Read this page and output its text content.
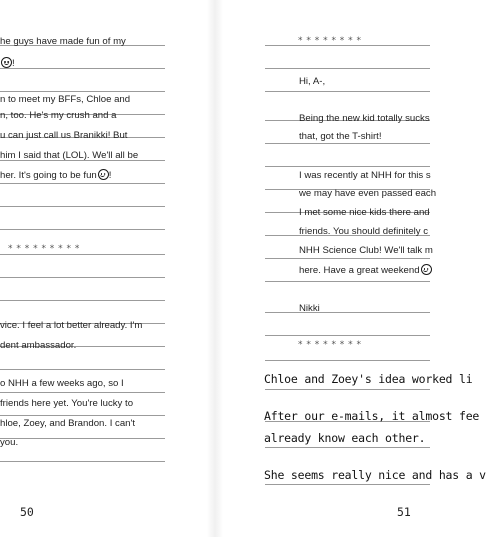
he guys have made fun of my
!
n to meet my BFFs, Chloe and
n, too. He's my crush and a
u can just call us Branikki! But
him I said that (LOL). We'll all be
her. It's going to be fun !
* * * * * * * * *
vice. I feel a lot better already. I'm
dent ambassador.
o NHH a few weeks ago, so I
friends here yet. You're lucky to
hloe, Zoey, and Brandon. I can't
you.
50
* * * * * * * *
Hi, A-,
Being the new kid totally sucks
that, got the T-shirt!
I was recently at NHH for this s
we may have even passed each
I met some nice kids there and
friends. You should definitely c
NHH Science Club! We'll talk m
here. Have a great weekend
Nikki
* * * * * * * *
Chloe and Zoey's idea worked li
After our e-mails, it almost fee
already know each other.
She seems really nice and has a v
51
